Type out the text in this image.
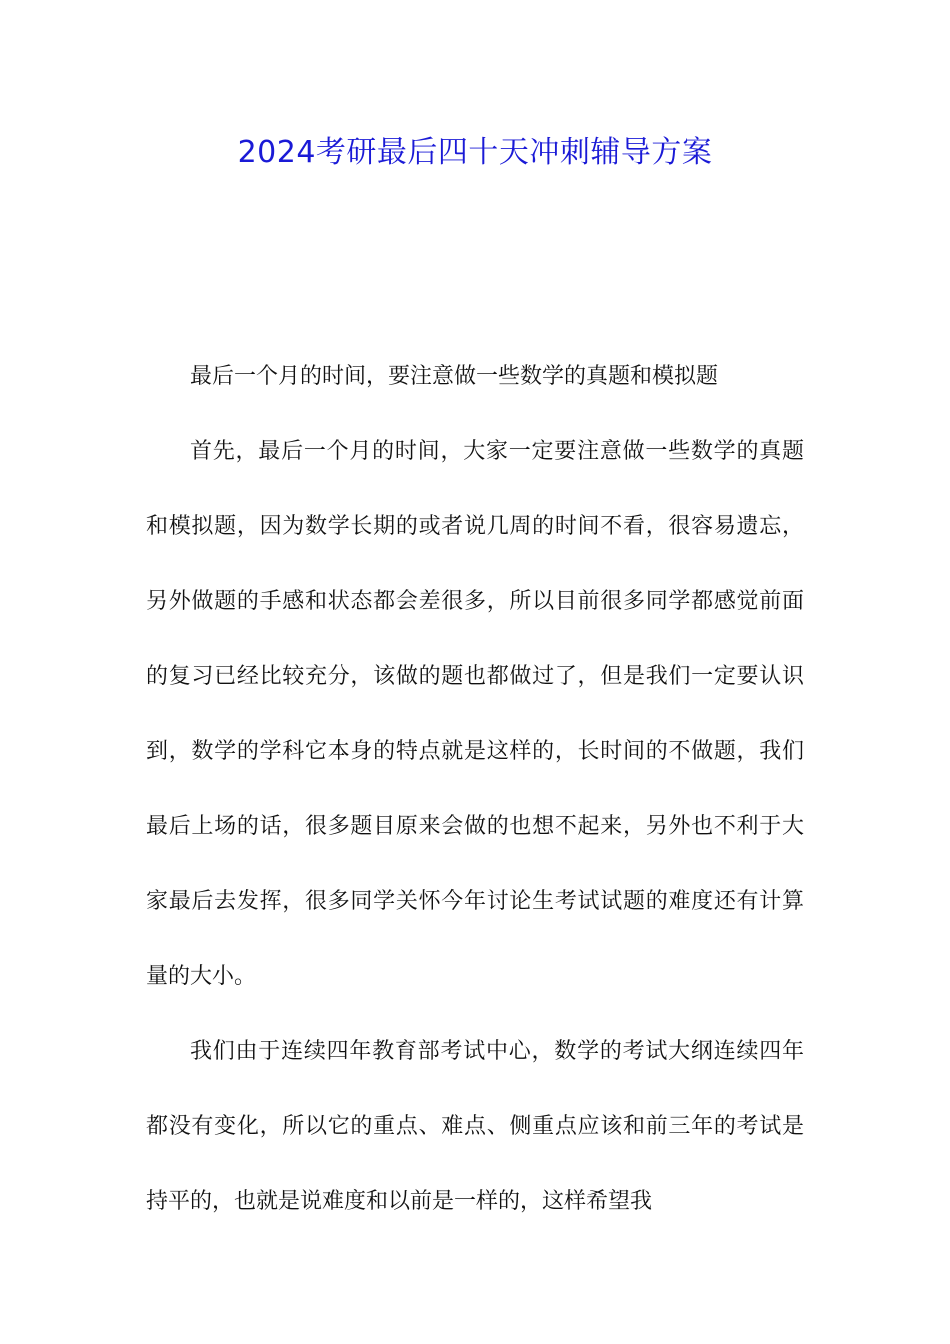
2024考研最后四十天冲刺辅导方案

最后一个月的时间，要注意做一些数学的真题和模拟题

首先，最后一个月的时间，大家一定要注意做一些数学的真题和模拟题，因为数学长期的或者说几周的时间不看，很容易遗忘，另外做题的手感和状态都会差很多，所以目前很多同学都感觉前面的复习已经比较充分，该做的题也都做过了，但是我们一定要认识到，数学的学科它本身的特点就是这样的，长时间的不做题，我们最后上场的话，很多题目原来会做的也想不起来，另外也不利于大家最后去发挥，很多同学关怀今年讨论生考试试题的难度还有计算量的大小。

我们由于连续四年教育部考试中心，数学的考试大纲连续四年都没有变化，所以它的重点、难点、侧重点应该和前三年的考试是持平的，也就是说难度和以前是一样的，这样希望我
